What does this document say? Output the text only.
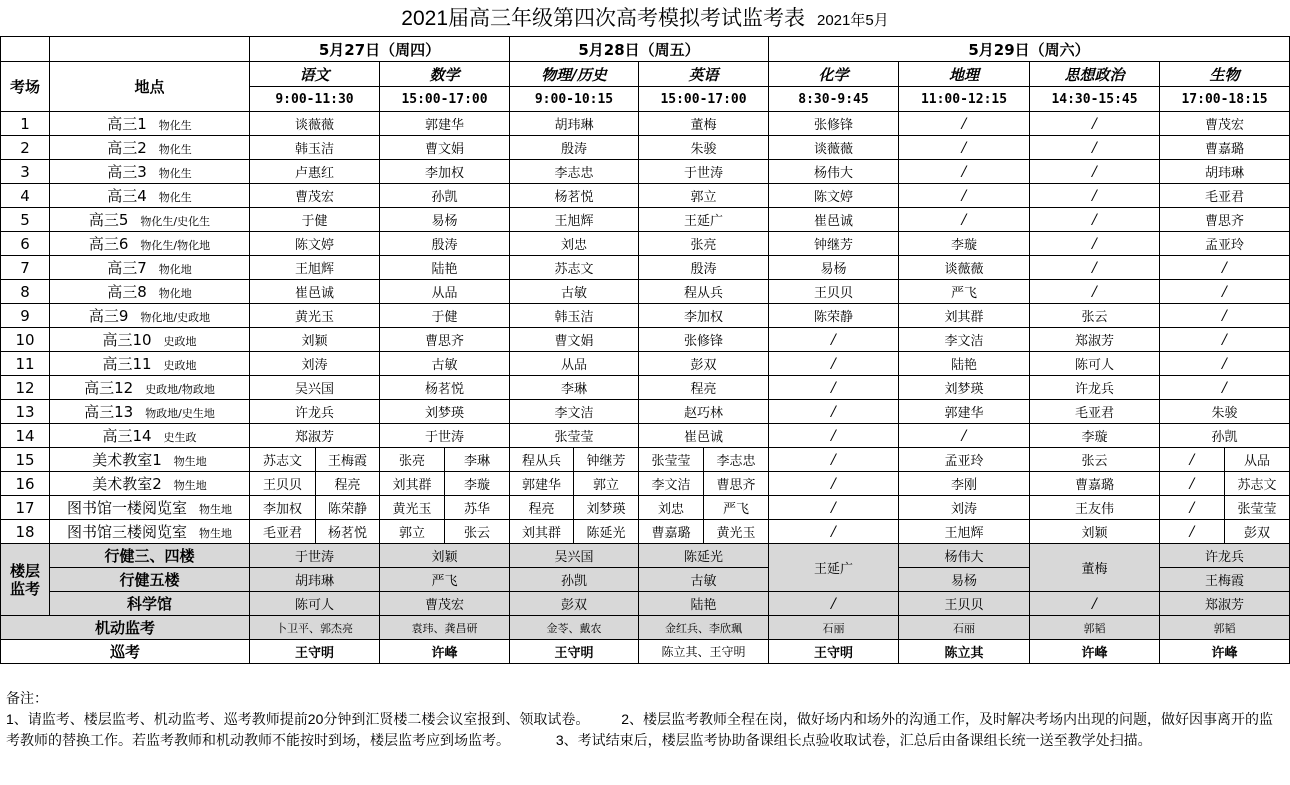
2021届高三年级第四次高考模拟考试监考表 2021年5月
		5月27日（周四）				5月28日（周五）				5月29日（周六）					
考场	地点	语文		数学		物理/历史		英语		化学	地理	思想政治	生物		
		9:00-11:30		15:00-17:00		9:00-10:15		15:00-17:00		8:30-9:45	11:00-12:15	14:30-15:45	17:00-18:15		
1	高三1 物化生	谈薇薇		郭建华		胡玮琳		董梅		张修锋	/	/	曹茂宏		
2	高三2 物化生	韩玉洁		曹文娟		殷涛		朱骏		谈薇薇	/	/	曹嘉璐		
3	高三3 物化生	卢惠红		李加权		李志忠		于世涛		杨伟大	/	/	胡玮琳		
4	高三4 物化生	曹茂宏		孙凯		杨茗悦		郭立		陈文婷	/	/	毛亚君		
5	高三5 物化生/史化生	于健		易杨		王旭辉		王延广		崔邑诚	/	/	曹思齐		
6	高三6 物化生/物化地	陈文婷		殷涛		刘忠		张亮		钟继芳	李璇	/	孟亚玲		
7	高三7 物化地	王旭辉		陆艳		苏志文		殷涛		易杨	谈薇薇	/	/		
8	高三8 物化地	崔邑诚		从品		古敏		程从兵		王贝贝	严飞	/	/		
9	高三9 物化地/史政地	黄光玉		于健		韩玉洁		李加权		陈荣静	刘其群	张云	/		
10	高三10 史政地	刘颖		曹思齐		曹文娟		张修锋		/	李文洁	郑淑芳	/		
11	高三11 史政地	刘涛		古敏		从品		彭双		/	陆艳	陈可人	/		
12	高三12 史政地/物政地	吴兴国		杨茗悦		李琳		程亮		/	刘梦瑛	许龙兵	/		
13	高三13 物政地/史生地	许龙兵		刘梦瑛		李文洁		赵巧林		/	郭建华	毛亚君	朱骏		
14	高三14 史生政	郑淑芳		于世涛		张莹莹		崔邑诚		/	/	李璇	孙凯		
15	美术教室1 物生地	苏志文	王梅霞	张亮	李琳	程从兵	钟继芳	张莹莹	李志忠	/	孟亚玲	张云	/	从品	
16	美术教室2 物生地	王贝贝	程亮	刘其群	李璇	郭建华	郭立	李文洁	曹思齐	/	李刚	曹嘉璐	/	苏志文	
17	图书馆一楼阅览室 物生地	李加权	陈荣静	黄光玉	苏华	程亮	刘梦瑛	刘忠	严飞	/	刘涛	王友伟	/	张莹莹	
18	图书馆三楼阅览室 物生地	毛亚君	杨茗悦	郭立	张云	刘其群	陈延光	曹嘉璐	黄光玉	/	王旭辉	刘颖	/	彭双	
楼层监考	行健三、四楼	于世涛		刘颖		吴兴国		陈延光		王延广	杨伟大	董梅	许龙兵		
	行健五楼	胡玮琳		严飞		孙凯		古敏			易杨		王梅霞		
	科学馆	陈可人		曹茂宏		彭双		陆艳		/	王贝贝	/	郑淑芳		
机动监考		卜卫平、郭杰亮		袁玮、龚昌研		金苓、戴农		金红兵、李欣珮		石丽	石丽	郭韬	郭韬		
巡考		王守明		许峰		王守明		陈立其、王守明		王守明	陈立其	许峰	许峰		
备注：
1、请监考、楼层监考、机动监考、巡考教师提前20分钟到汇贤楼二楼会议室报到、领取试卷。 　　2、楼层监考教师全程在岗，做好场内和场外的沟通工作，及时解决考场内出现的问题，做好因事离开的监考教师的替换工作。若监考教师和机动教师不能按时到场，楼层监考应到场监考。 　　　3、考试结束后，楼层监考协助备课组长点验收取试卷，汇总后由备课组长统一送至教学处扫描。
